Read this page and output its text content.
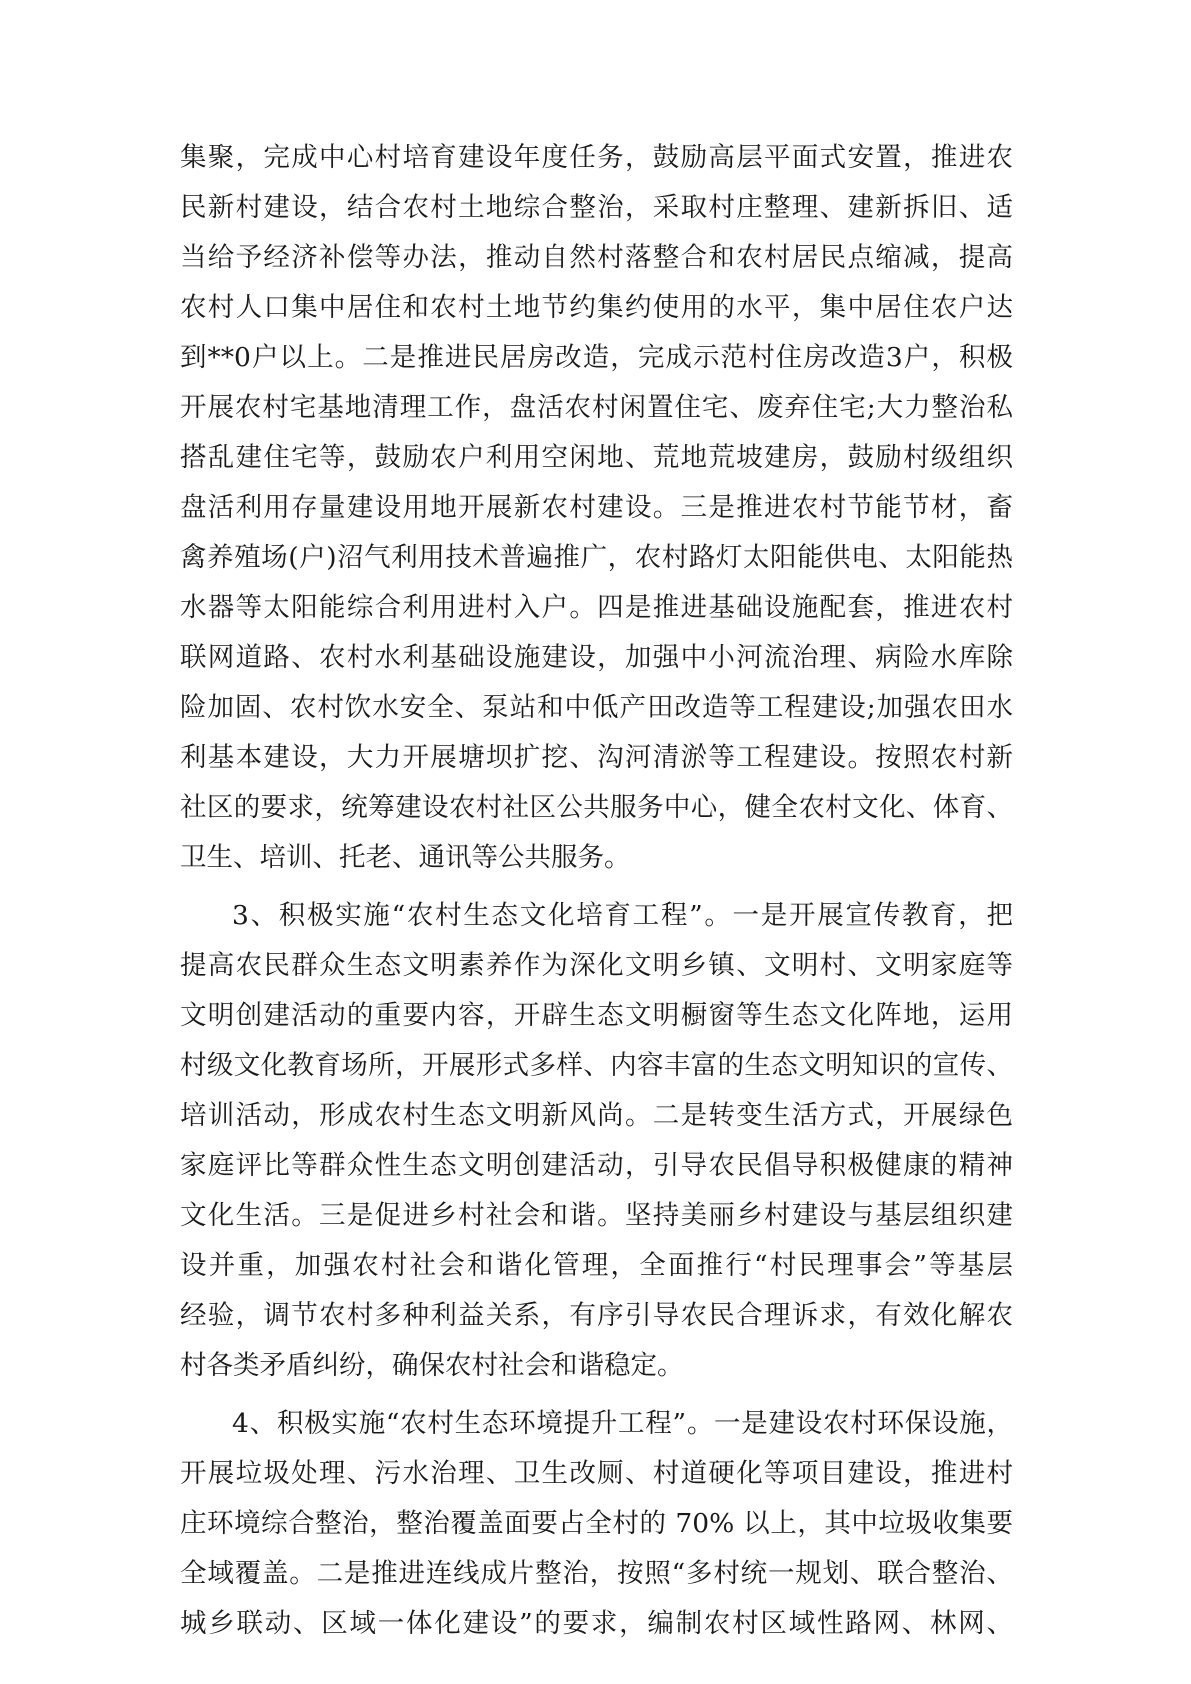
集聚，完成中心村培育建设年度任务，鼓励高层平面式安置，推进农
民新村建设，结合农村土地综合整治，采取村庄整理、建新拆旧、适
当给予经济补偿等办法，推动自然村落整合和农村居民点缩减，提高
农村人口集中居住和农村土地节约集约使用的水平，集中居住农户达
到**0户以上。二是推进民居房改造，完成示范村住房改造3户，积极
开展农村宅基地清理工作，盘活农村闲置住宅、废弃住宅;大力整治私
搭乱建住宅等，鼓励农户利用空闲地、荒地荒坡建房，鼓励村级组织
盘活利用存量建设用地开展新农村建设。三是推进农村节能节材，畜
禽养殖场(户)沼气利用技术普遍推广，农村路灯太阳能供电、太阳能热
水器等太阳能综合利用进村入户。四是推进基础设施配套，推进农村
联网道路、农村水利基础设施建设，加强中小河流治理、病险水库除
险加固、农村饮水安全、泵站和中低产田改造等工程建设;加强农田水
利基本建设，大力开展塘坝扩挖、沟河清淤等工程建设。按照农村新
社区的要求，统筹建设农村社区公共服务中心，健全农村文化、体育、
卫生、培训、托老、通讯等公共服务。
3、积极实施“农村生态文化培育工程”。一是开展宣传教育，把
提高农民群众生态文明素养作为深化文明乡镇、文明村、文明家庭等
文明创建活动的重要内容，开辟生态文明橱窗等生态文化阵地，运用
村级文化教育场所，开展形式多样、内容丰富的生态文明知识的宣传、
培训活动，形成农村生态文明新风尚。二是转变生活方式，开展绿色
家庭评比等群众性生态文明创建活动，引导农民倡导积极健康的精神
文化生活。三是促进乡村社会和谐。坚持美丽乡村建设与基层组织建
设并重，加强农村社会和谐化管理，全面推行“村民理事会”等基层
经验，调节农村多种利益关系，有序引导农民合理诉求，有效化解农
村各类矛盾纠纷，确保农村社会和谐稳定。
4、积极实施“农村生态环境提升工程”。一是建设农村环保设施，
开展垃圾处理、污水治理、卫生改厕、村道硬化等项目建设，推进村
庄环境综合整治，整治覆盖面要占全村的 70% 以上，其中垃圾收集要
全域覆盖。二是推进连线成片整治，按照“多村统一规划、联合整治、
城乡联动、区域一体化建设”的要求，编制农村区域性路网、林网、
